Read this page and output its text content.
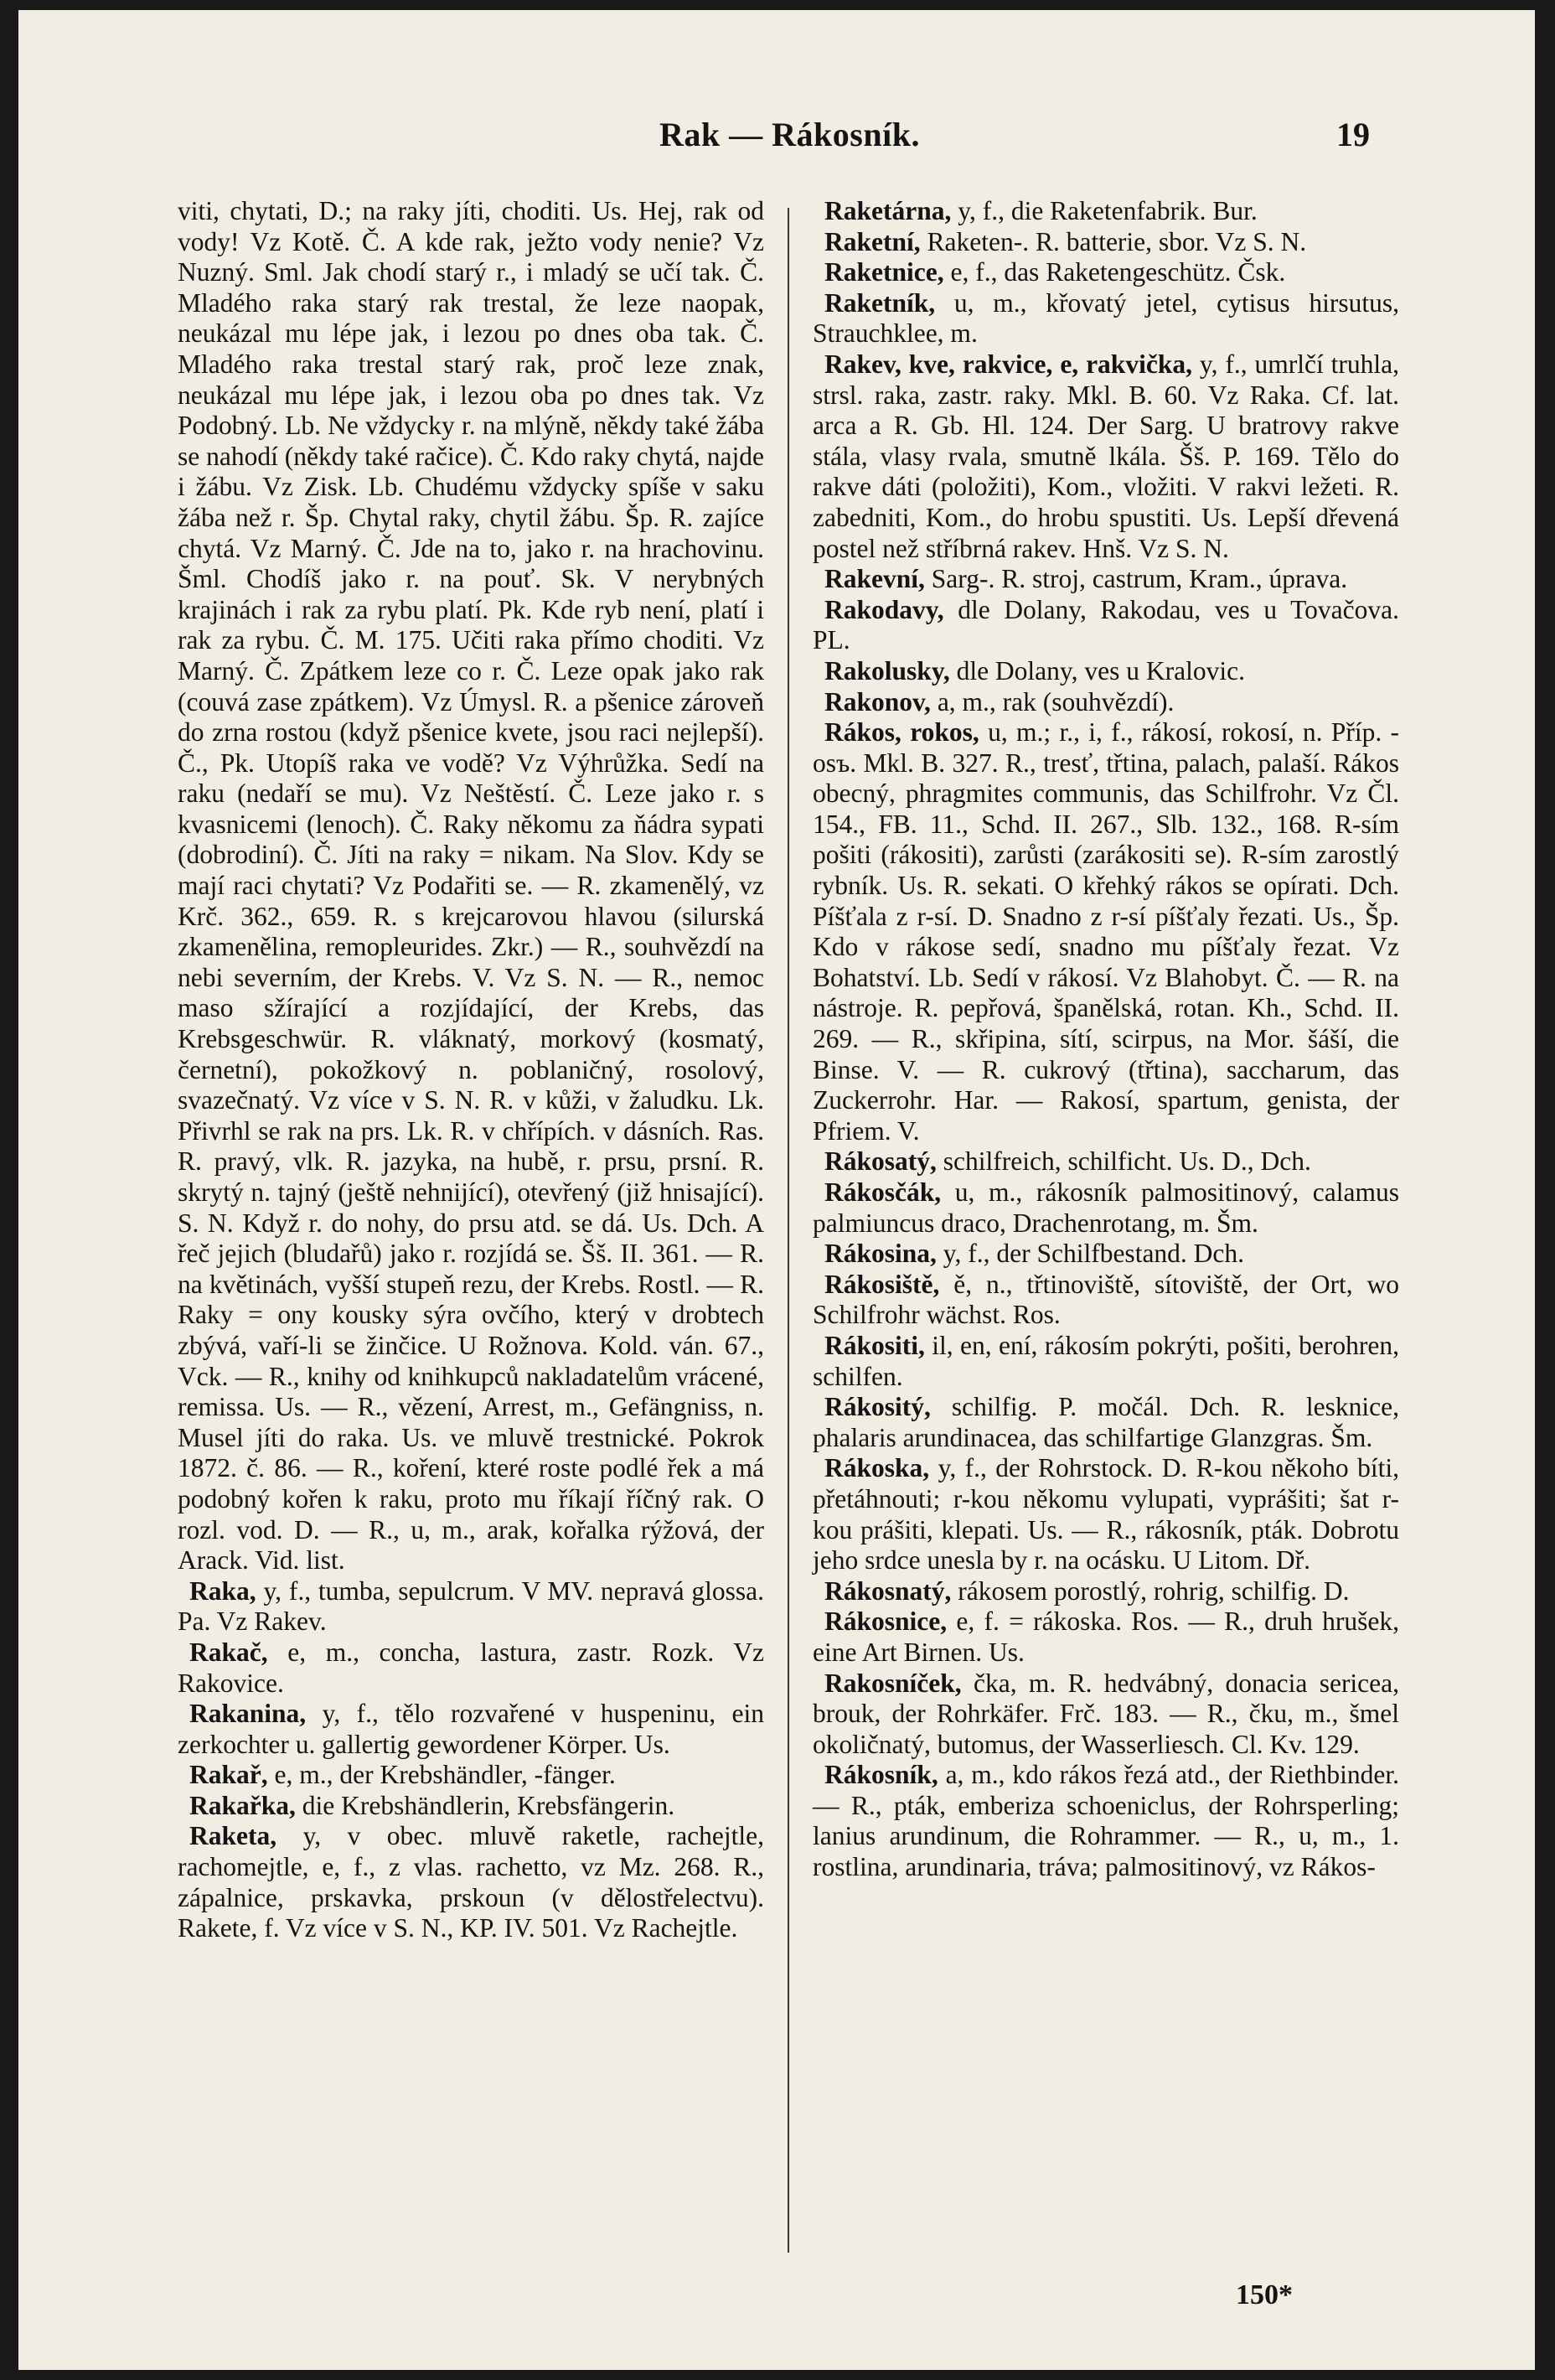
Rak — Rákosník.	19

viti, chytati, D.; na raky jíti, choditi. Us. Hej, rak od vody! Vz Kotě. Č. A kde rak, ježto vody nenie? Vz Nuzný. Sml. Jak chodí starý r., i mladý se učí tak. Č. Mladého raka starý rak trestal, že leze naopak, neukázal mu lépe jak, i lezou po dnes oba tak. Č. Mladého raka trestal starý rak, proč leze znak, neukázal mu lépe jak, i lezou oba po dnes tak. Vz Podobný. Lb. Ne vždycky r. na mlýně, někdy také žába se nahodí (někdy také račice). Č. Kdo raky chytá, najde i žábu. Vz Zisk. Lb. Chudému vždycky spíše v saku žába než r. Šp. Chytal raky, chytil žábu. Šp. R. zajíce chytá. Vz Marný. Č. Jde na to, jako r. na hrachovinu. Šml. Chodíš jako r. na pouť. Sk. V nerybných krajinách i rak za rybu platí. Pk. Kde ryb není, platí i rak za rybu. Č. M. 175. Učiti raka přímo choditi. Vz Marný. Č. Zpátkem leze co r. Č. Leze opak jako rak (couvá zase zpátkem). Vz Úmysl. R. a pšenice zároveň do zrna rostou (když pšenice kvete, jsou raci nejlepší). Č., Pk. Utopíš raka ve vodě? Vz Výhrůžka. Sedí na raku (nedaří se mu). Vz Neštěstí. Č. Leze jako r. s kvasnicemi (lenoch). Č. Raky někomu za ňádra sypati (dobrodiní). Č. Jíti na raky = nikam. Na Slov. Kdy se mají raci chytati? Vz Podařiti se. — R. zkamenělý, vz Krč. 362., 659. R. s krejcarovou hlavou (silurská zkamenělina, remopleurides. Zkr.) — R., souhvězdí na nebi severním, der Krebs. V. Vz S. N. — R., nemoc maso sžírající a rozjídající, der Krebs, das Krebsgeschwür. R. vláknatý, morkový (kosmatý, černetní), pokožkový n. poblaničný, rosolový, svazečnatý. Vz více v S. N. R. v kůži, v žaludku. Lk. Přivrhl se rak na prs. Lk. R. v chřípích. v dásních. Ras. R. pravý, vlk. R. jazyka, na hubě, r. prsu, prsní. R. skrytý n. tajný (ještě nehnijící), otevřený (již hnisající). S. N. Když r. do nohy, do prsu atd. se dá. Us. Dch. A řeč jejich (bludařů) jako r. rozjídá se. Šš. II. 361. — R. na květinách, vyšší stupeň rezu, der Krebs. Rostl. — R. Raky = ony kousky sýra ovčího, který v drobtech zbývá, vaří-li se žinčice. U Rožnova. Kold. ván. 67., Vck. — R., knihy od knihkupců nakladatelům vrácené, remissa. Us. — R., vězení, Arrest, m., Gefängniss, n. Musel jíti do raka. Us. ve mluvě trestnické. Pokrok 1872. č. 86. — R., koření, které roste podlé řek a má podobný kořen k raku, proto mu říkají říčný rak. O rozl. vod. D. — R., u, m., arak, kořalka rýžová, der Arack. Vid. list.

Raka, y, f., tumba, sepulcrum. V MV. nepravá glossa. Pa. Vz Rakev.

Rakač, e, m., concha, lastura, zastr. Rozk. Vz Rakovice.

Rakanina, y, f., tělo rozvařené v huspeninu, ein zerkochter u. gallertig gewordener Körper. Us.

Rakař, e, m., der Krebshändler, -fänger.

Rakařka, die Krebshändlerin, Krebsfängerin.

Raketa, y, v obec. mluvě raketle, rachejtle, rachomejtle, e, f., z vlas. rachetto, vz Mz. 268. R., zápalnice, prskavka, prskoun (v dělostřelectvu). Rakete, f. Vz více v S. N., KP. IV. 501. Vz Rachejtle.

Raketárna, y, f., die Raketenfabrik. Bur.

Raketní, Raketen-. R. batterie, sbor. Vz S. N.

Raketnice, e, f., das Raketengeschütz. Čsk.

Raketník, u, m., křovatý jetel, cytisus hirsutus, Strauchklee, m.

Rakev, kve, rakvice, e, rakvička, y, f., umrlčí truhla, strsl. raka, zastr. raky. Mkl. B. 60. Vz Raka. Cf. lat. arca a R. Gb. Hl. 124. Der Sarg. U bratrovy rakve stála, vlasy rvala, smutně lkála. Šš. P. 169. Tělo do rakve dáti (položiti), Kom., vložiti. V rakvi ležeti. R. zabedniti, Kom., do hrobu spustiti. Us. Lepší dřevená postel než stříbrná rakev. Hnš. Vz S. N.

Rakevní, Sarg-. R. stroj, castrum, Kram., úprava.

Rakodavy, dle Dolany, Rakodau, ves u Tovačova. PL.

Rakolusky, dle Dolany, ves u Kralovic.

Rakonov, a, m., rak (souhvězdí).

Rákos, rokos, u, m.; r., i, f., rákosí, rokosí, n. Příp. -osъ. Mkl. B. 327. R., tresť, třtina, palach, palaší. Rákos obecný, phragmites communis, das Schilfrohr. Vz Čl. 154., FB. 11., Schd. II. 267., Slb. 132., 168. R-sím pošiti (rákositi), zarůsti (zarákositi se). R-sím zarostlý rybník. Us. R. sekati. O křehký rákos se opírati. Dch. Píšťala z r-sí. D. Snadno z r-sí píšťaly řezati. Us., Šp. Kdo v rákose sedí, snadno mu píšťaly řezat. Vz Bohatství. Lb. Sedí v rákosí. Vz Blahobyt. Č. — R. na nástroje. R. pepřová, španělská, rotan. Kh., Schd. II. 269. — R., skřipina, sítí, scirpus, na Mor. šáší, die Binse. V. — R. cukrový (třtina), saccharum, das Zuckerrohr. Har. — Rakosí, spartum, genista, der Pfriem. V.

Rákosatý, schilfreich, schilficht. Us. D., Dch.

Rákosčák, u, m., rákosník palmositinový, calamus palmiuncus draco, Drachenrotang, m. Šm.

Rákosina, y, f., der Schilfbestand. Dch.

Rákosiště, ě, n., třtinoviště, sítoviště, der Ort, wo Schilfrohr wächst. Ros.

Rákositi, il, en, ení, rákosím pokrýti, pošiti, berohren, schilfen.

Rákositý, schilfig. P. močál. Dch. R. lesknice, phalaris arundinacea, das schilfartige Glanzgras. Šm.

Rákoska, y, f., der Rohrstock. D. R-kou někoho bíti, přetáhnouti; r-kou někomu vylupati, vyprášiti; šat r-kou prášiti, klepati. Us. — R., rákosník, pták. Dobrotu jeho srdce unesla by r. na ocásku. U Litom. Dř.

Rákosnatý, rákosem porostlý, rohrig, schilfig. D.

Rákosnice, e, f. = rákoska. Ros. — R., druh hrušek, eine Art Birnen. Us.

Rakosníček, čka, m. R. hedvábný, donacia sericea, brouk, der Rohrkäfer. Frč. 183. — R., čku, m., šmel okoličnatý, butomus, der Wasserliesch. Cl. Kv. 129.

Rákosník, a, m., kdo rákos řezá atd., der Riethbinder. — R., pták, emberiza schoeniclus, der Rohrsperling; lanius arundinum, die Rohrammer. — R., u, m., 1. rostlina, arundinaria, tráva; palmositinový, vz Rákos-

150*
